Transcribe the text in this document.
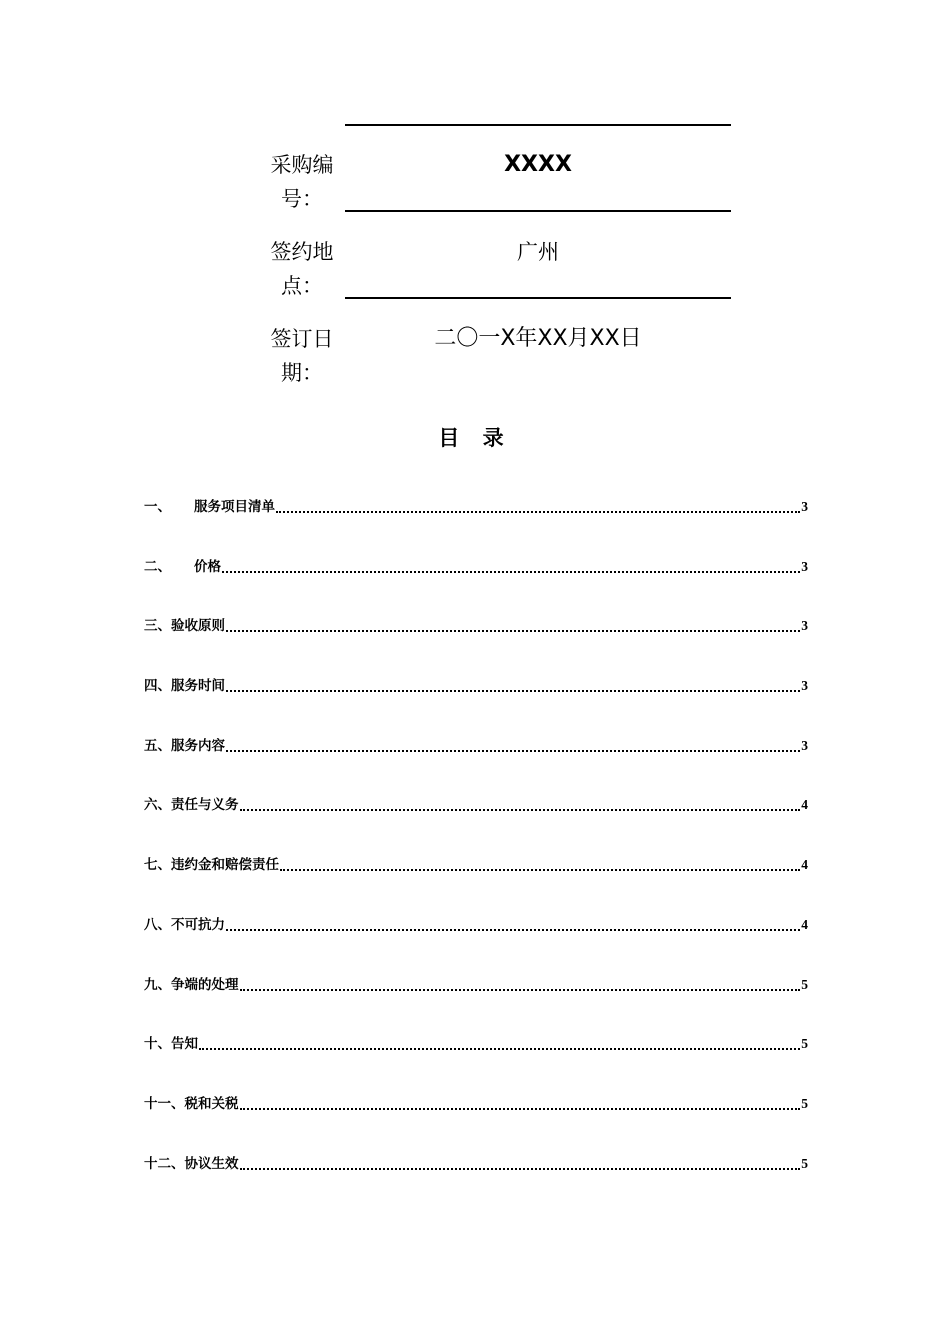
采购编
号：
XXXX
签约地
点：
广州
签订日
期：
二〇一X年XX月XX日
目 录
一、 服务项目清单	3
二、 价格	3
三、验收原则	3
四、服务时间	3
五、服务内容	3
六、责任与义务	4
七、违约金和赔偿责任	4
八、不可抗力	4
九、争端的处理	5
十、告知	5
十一、税和关税	5
十二、协议生效	5
